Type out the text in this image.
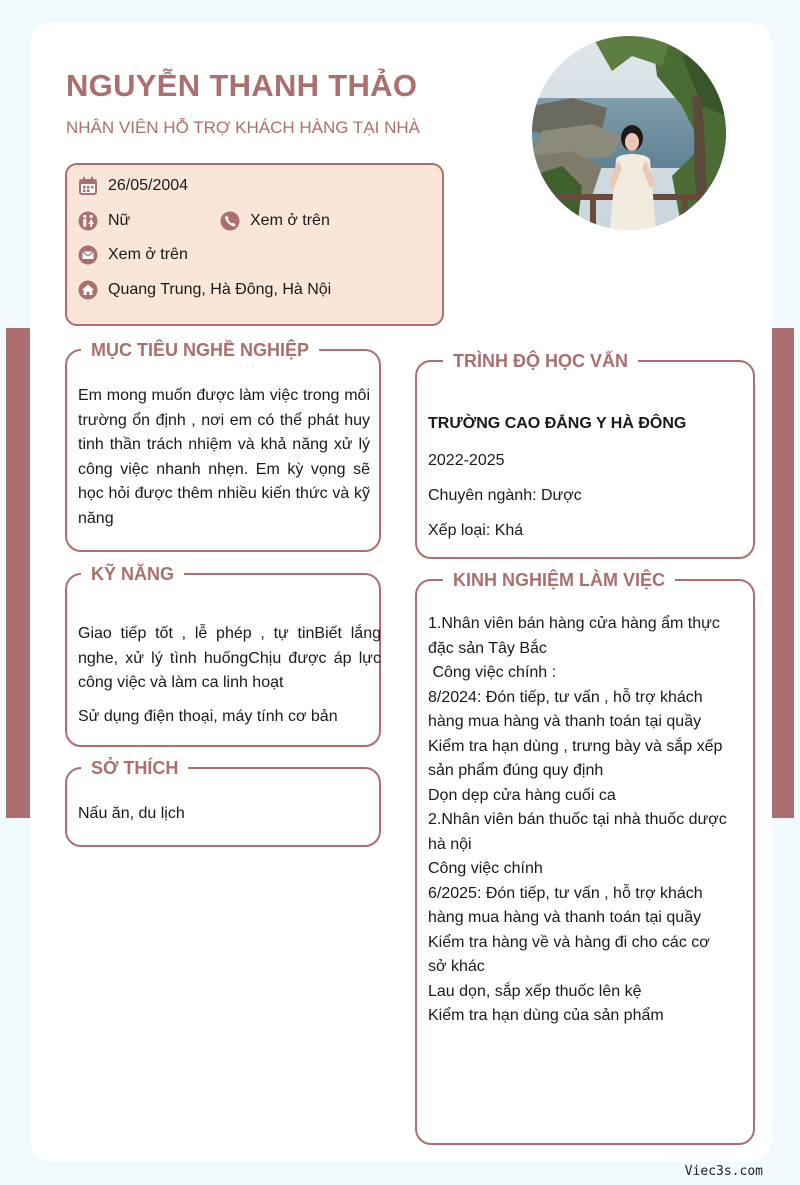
NGUYỄN THANH THẢO
NHÂN VIÊN HỖ TRỢ KHÁCH HÀNG TẠI NHÀ
26/05/2004
Nữ	Xem ở trên
Xem ở trên
Quang Trung, Hà Đông, Hà Nội
MỤC TIÊU NGHỀ NGHIỆP
Em mong muốn được làm việc trong môi trường ổn định , nơi em có thể phát huy tinh thần trách nhiệm và khả năng xử lý công việc nhanh nhẹn. Em kỳ vọng sẽ học hỏi được thêm nhiều kiến thức và kỹ năng
KỸ NĂNG
Giao tiếp tốt , lễ phép , tự tinBiết lắng nghe, xử lý tình huốngChịu được áp lực công việc và làm ca linh hoạt
Sử dụng điện thoại, máy tính cơ bản
SỞ THÍCH
Nấu ăn, du lịch
TRÌNH ĐỘ HỌC VẤN
TRƯỜNG CAO ĐẲNG Y HÀ ĐÔNG
2022-2025
Chuyên ngành: Dược
Xếp loại: Khá
KINH NGHIỆM LÀM VIỆC
1.Nhân viên bán hàng cửa hàng ẩm thực đặc sản Tây Bắc
Công việc chính :
8/2024: Đón tiếp, tư vấn , hỗ trợ khách hàng mua hàng và thanh toán tại quầy
Kiểm tra hạn dùng , trưng bày và sắp xếp sản phẩm đúng quy định
Dọn dẹp cửa hàng cuối ca
2.Nhân viên bán thuốc tại nhà thuốc dược hà nội
Công việc chính
6/2025: Đón tiếp, tư vấn , hỗ trợ khách hàng mua hàng và thanh toán tại quầy
Kiểm tra hàng về và hàng đi cho các cơ sở khác
Lau dọn, sắp xếp thuốc lên kệ
Kiểm tra hạn dùng của sản phẩm
Viec3s.com
